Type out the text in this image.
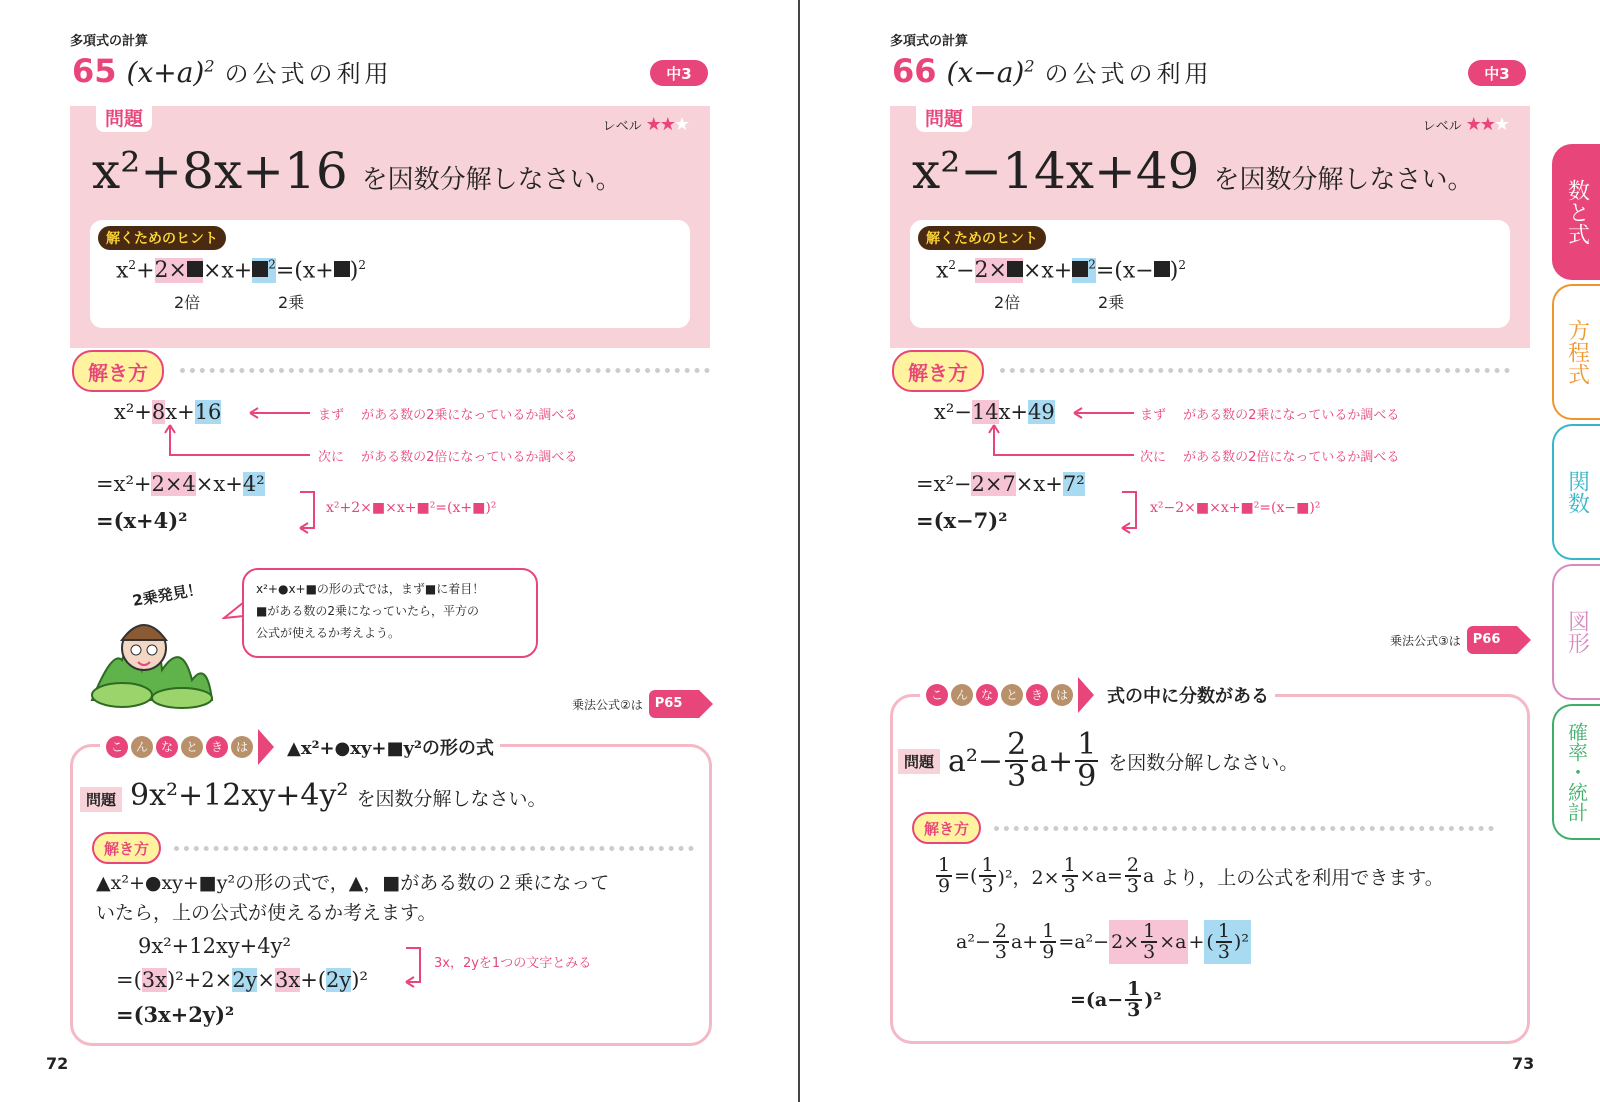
多項式の計算
65 $(x+a)^2$ の公式の利用	中3
問題	レベル ★★★
x²+8x+16 を因数分解しなさい。
解くためのヒント
$x^2+2\times \times x+ ^2=(x+ )^2$
2倍	2乗
解き方
x²+8x+16	まず　 がある数の2乗になっているか調べる
次に　 がある数の2倍になっているか調べる
=x²+2×4×x+4²
=(x+4)²	x²+2×■×x+■²=(x+■)²
2乗発見！	x²+●x+■の形の式では，まず■に着目！
■がある数の2乗になっていたら，平方の
公式が使えるか考えよう。
乗法公式②は P65
こ	ん	な	と	き	は ▲x²+●xy+■y²の形の式
問題 9x²+12xy+4y² を因数分解しなさい。
解き方
▲x²+●xy+■y²の形の式で，▲，■がある数の２乗になって
いたら，上の公式が使えるか考えます。
9x²+12xy+4y²
=(3x)²+2×2y×3x+(2y)²
=(3x+2y)²
3x，2yを1つの文字とみる
72
多項式の計算
66 $(x-a)^2$ の公式の利用	中3
問題	レベル ★★★
x²−14x+49 を因数分解しなさい。
解くためのヒント
$x^2-2\times \times x+ ^2=(x- )^2$
2倍	2乗
解き方
x²−14x+49	まず　 がある数の2乗になっているか調べる
次に　 がある数の2倍になっているか調べる
=x²−2×7×x+7²
=(x−7)²	x²−2×■×x+■²=(x−■)²
乗法公式③は P66
こ	ん	な	と	き	は 式の中に分数がある
問題 $a^2- \frac{2}{3} a+ \frac{1}{9}$ を因数分解しなさい。
解き方
$\frac{1}{9}$ =( $\frac{1}{3} )^2$，$2\times \frac{1}{3} \times a= \frac{2}{3}$ a より，上の公式を利用できます。
$a^2- \frac{2}{3} a+ \frac{1}{9} =a^2- 2\times \frac{1}{3} \times a$ + ( $\frac{1}{3} )^2$
$=(a- \frac{1}{3} )^2$
73
数と式
方程式
関数
図形
確率・統計
